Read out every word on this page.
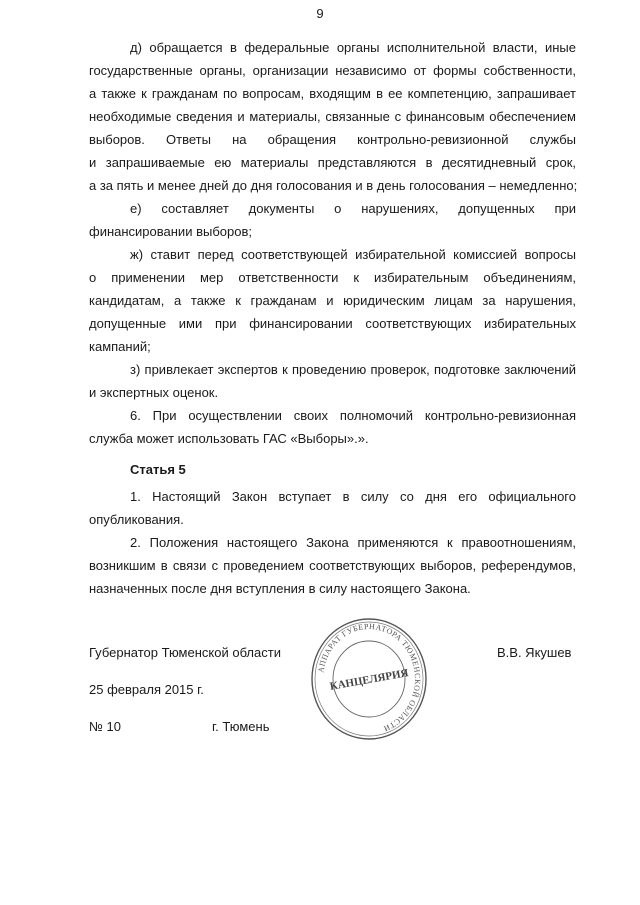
9
д) обращается в федеральные органы исполнительной власти, иные
государственные органы, организации независимо от формы собственности,
а также к гражданам по вопросам, входящим в ее компетенцию, запрашивает
необходимые сведения и материалы, связанные с финансовым обеспечением
выборов. Ответы на обращения контрольно-ревизионной службы
и запрашиваемые ею материалы представляются в десятидневный срок,
а за пять и менее дней до дня голосования и в день голосования – немедленно;
е) составляет документы о нарушениях, допущенных при
финансировании выборов;
ж) ставит перед соответствующей избирательной комиссией вопросы
о применении мер ответственности к избирательным объединениям,
кандидатам, а также к гражданам и юридическим лицам за нарушения,
допущенные ими при финансировании соответствующих избирательных
кампаний;
з) привлекает экспертов к проведению проверок, подготовке заключений
и экспертных оценок.
6. При осуществлении своих полномочий контрольно-ревизионная
служба может использовать ГАС «Выборы».».
Статья 5
1. Настоящий Закон вступает в силу со дня его официального
опубликования.
2. Положения настоящего Закона применяются к правоотношениям,
возникшим в связи с проведением соответствующих выборов, референдумов,
назначенных после дня вступления в силу настоящего Закона.
Губернатор Тюменской области	В.В. Якушев
25 февраля 2015 г.
№ 10	г. Тюмень
АППАРАТ ГУБЕРНАТОРА ТЮМЕНСКОЙ ОБЛАСТИ
КАНЦЕЛЯРИЯ
